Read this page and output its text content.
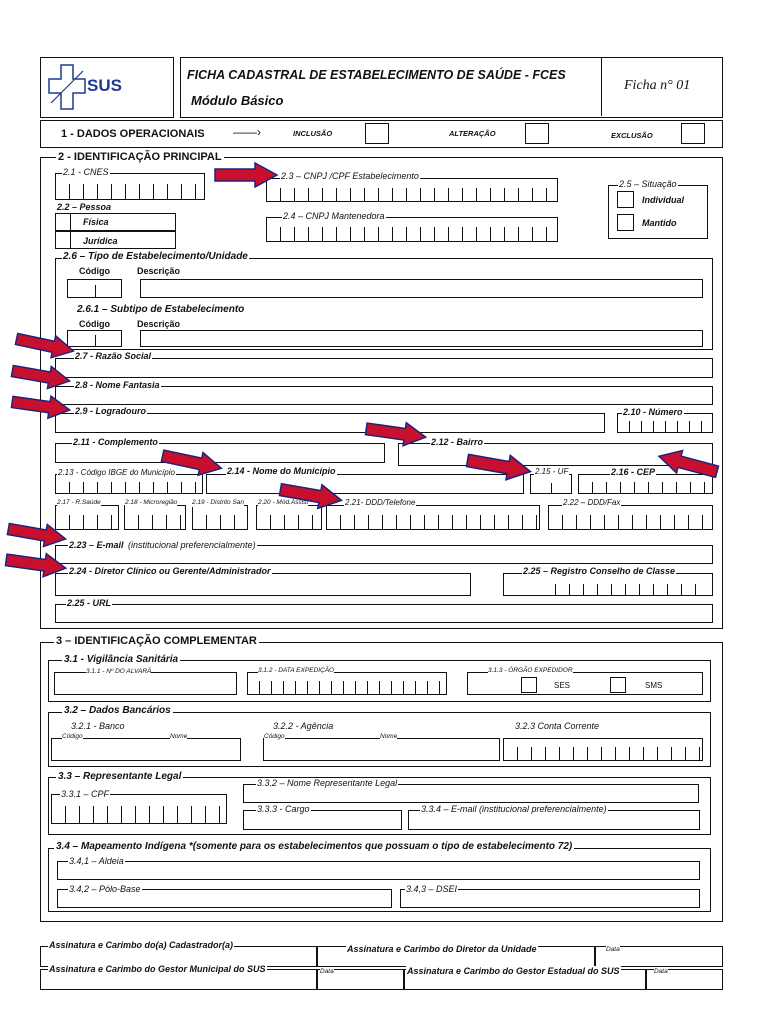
SUS
FICHA CADASTRAL DE ESTABELECIMENTO DE SAÚDE - FCES
Módulo Básico
Ficha n° 01
1 - DADOS OPERACIONAIS ——›	INCLUSÃO	ALTERAÇÃO	EXCLUSÃO
2 - IDENTIFICAÇÃO PRINCIPAL
2.1 - CNES
2.2 – Pessoa
Física
Jurídica
2.3 – CNPJ /CPF Estabelecimento
2.4 – CNPJ Mantenedora
Individual
Mantido
2.5 – Situação
2.6 – Tipo de Estabelecimento/Unidade
Código	Descrição
2.6.1 – Subtipo de Estabelecimento
Código	Descrição
2.7 - Razão Social
2.8 - Nome Fantasia
2.9 - Logradouro	2.10 - Número
2.11 - Complemento	2.12 - Bairro
2.13 - Código IBGE do Município	2.14 - Nome do Município	2.15 - UF	2.16 - CEP
2.17 - R.Saúde	2.18 - Microregião 2.19 - Distrito San 2.20 - Mód.Assist	2.21- DDD/Telefone	2.22 – DDD/Fax
2.23 – E-mail (institucional preferencialmente)
2.24 - Diretor Clínico ou Gerente/Administrador	2.25 – Registro Conselho de Classe
2.25 - URL
3 – IDENTIFICAÇÃO COMPLEMENTAR
3.1 - Vigilância Sanitária
3.1.1 - Nº DO ALVARÁ	3.1.2 - DATA EXPEDIÇÃO
SES	SMS
3.1.3 - ÓRGÃO EXPEDIDOR
3.2 – Dados Bancários
3.2.1 - Banco	3.2.2 - Agência	3.2.3 Conta Corrente
Código	Nome	Código	Nome
3.3 – Representante Legal
3.3.1 – CPF
3.3.2 – Nome Representante Legal
3.3.3 - Cargo	3.3.4 – E-mail (institucional preferencialmente)
3.4 – Mapeamento Indígena *(somente para os estabelecimentos que possuam o tipo de estabelecimento 72)
3.4,1 – Aldeia
3.4,2 – Pólo-Base	3.4,3 – DSEI
Assinatura e Carimbo do(a) Cadastrador(a)	Assinatura e Carimbo do Diretor da Unidade	Data
Assinatura e Carimbo do Gestor Municipal do SUS	Data	Assinatura e Carimbo do Gestor Estadual do SUS	Data
